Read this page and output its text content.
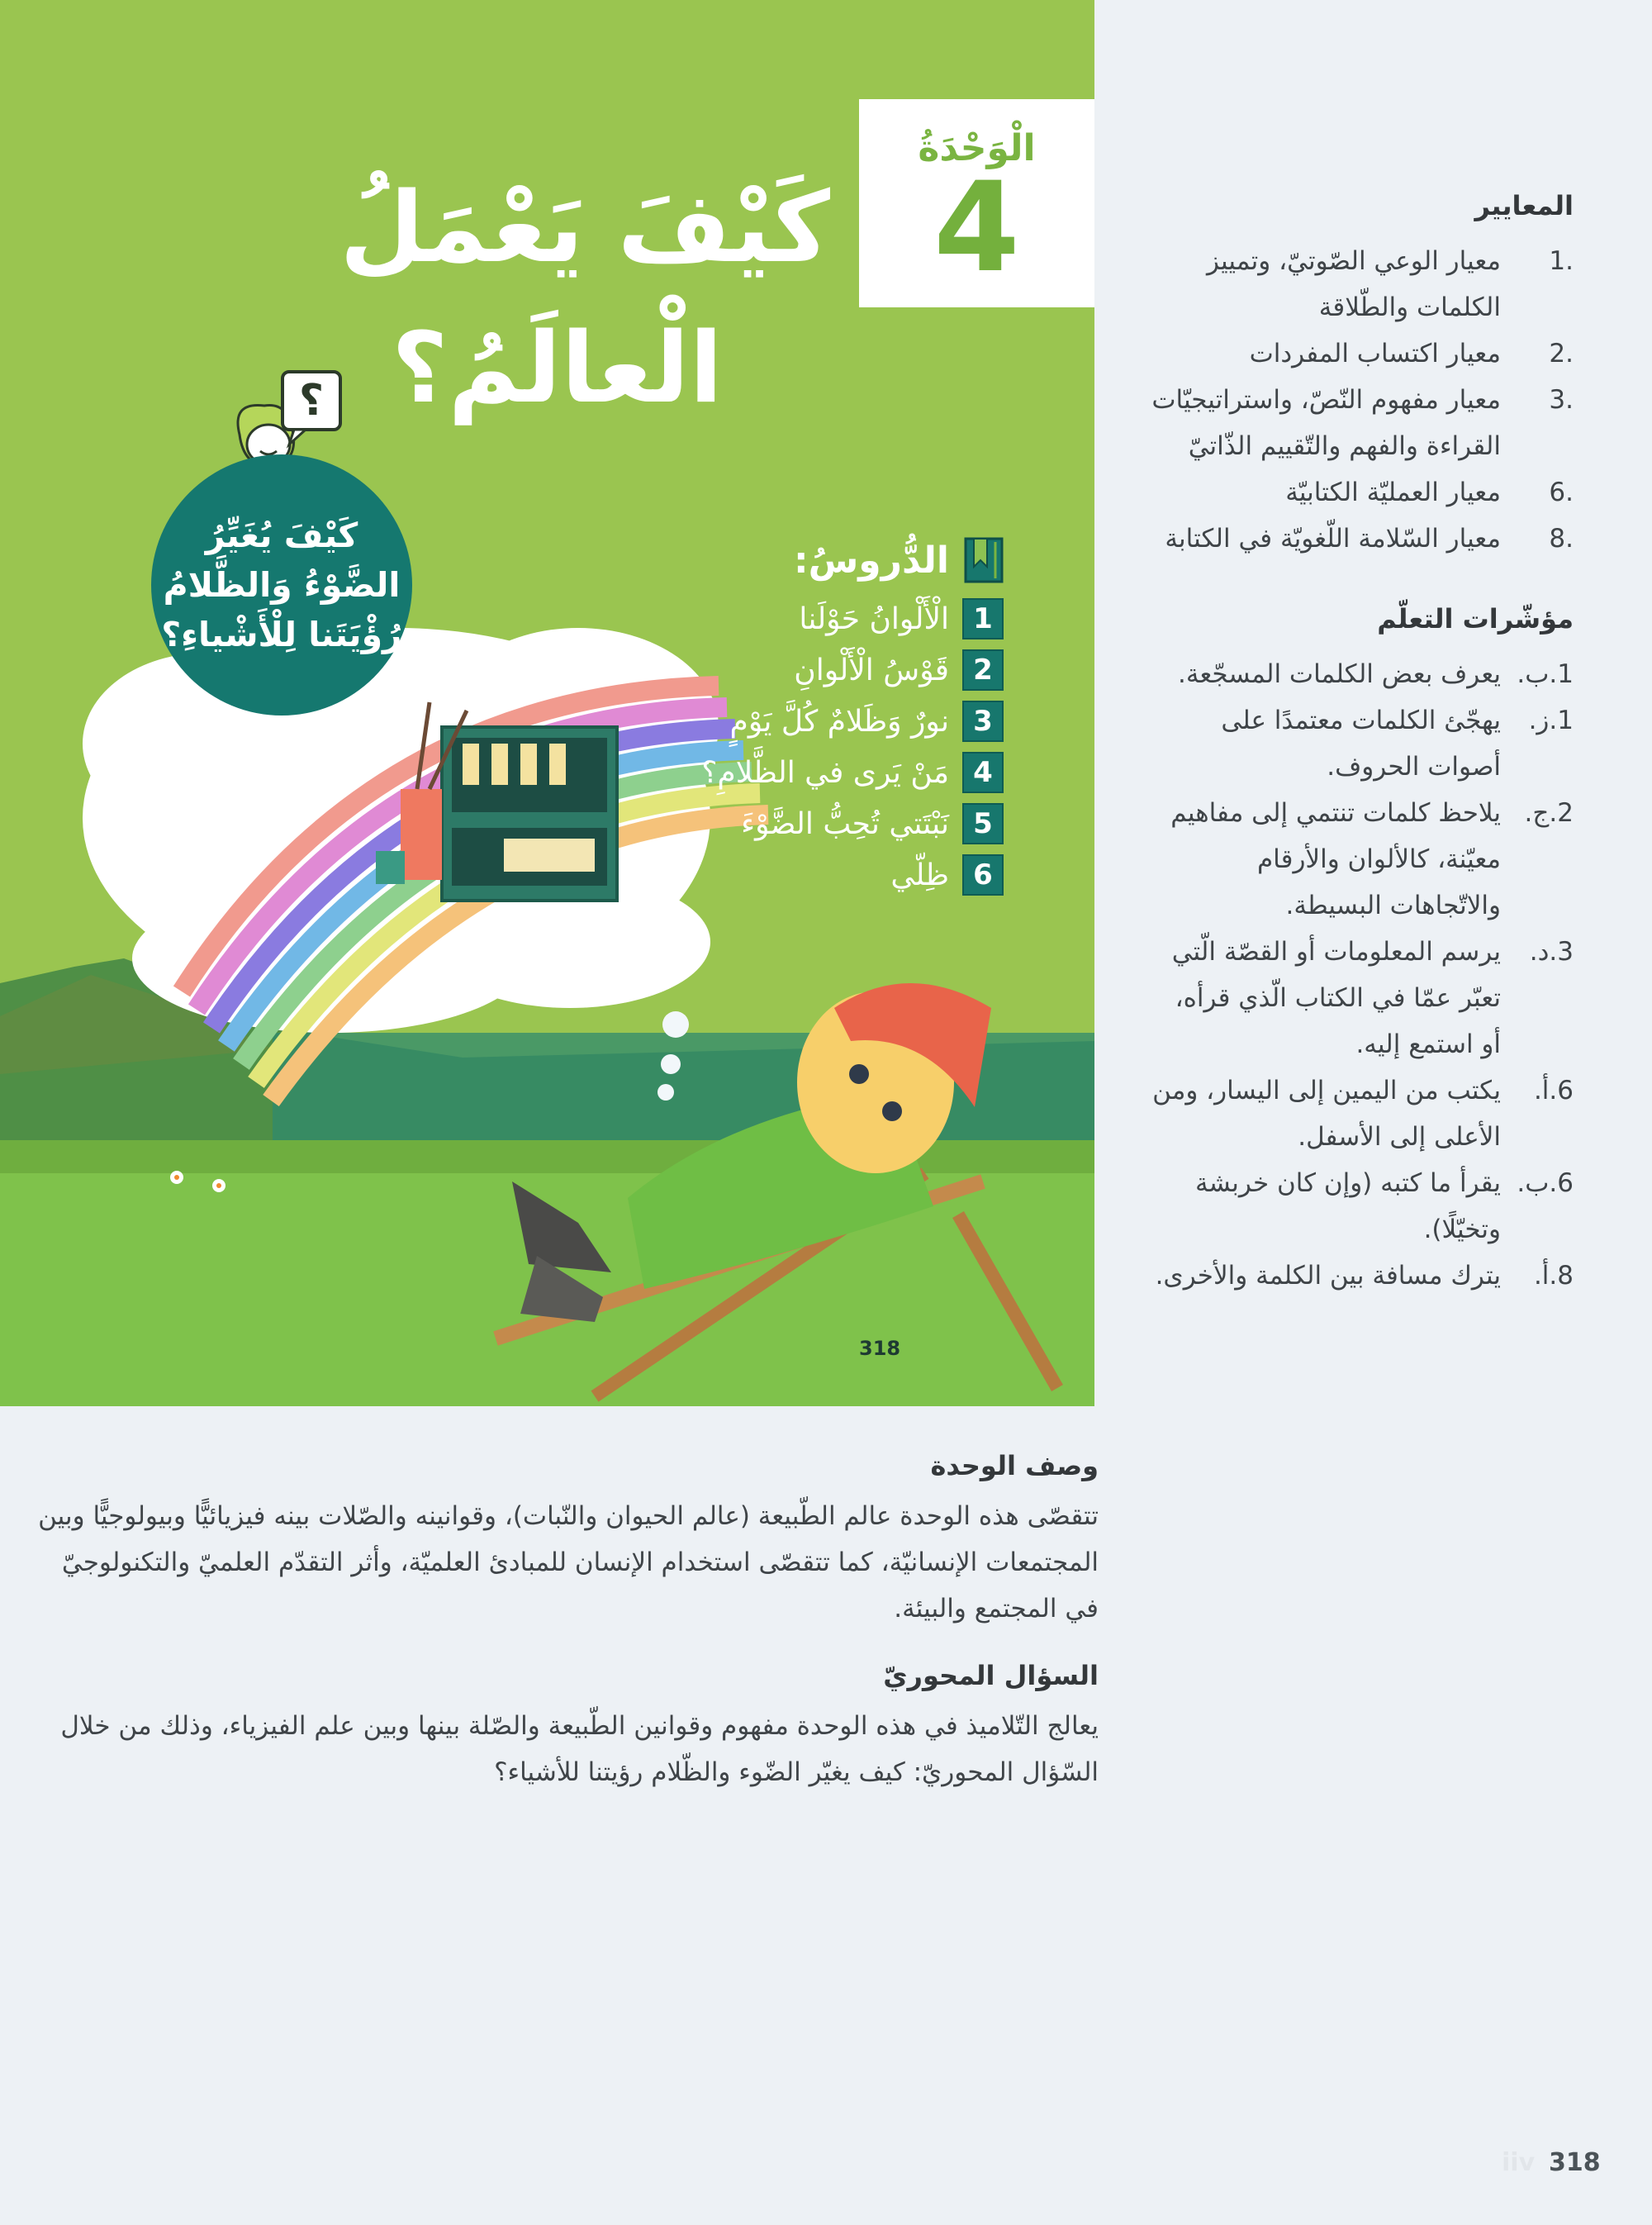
الْوَحْدَةُ
4
كَيْفَ يَعْمَلُ
الْعالَمُ؟
؟
كَيْفَ يُغَيِّرُ
الضَّوْءُ وَالظَّلامُ
رُؤْيَتَنا لِلْأَشْياءِ؟
الدُّروسُ:
1
الْأَلْوانُ حَوْلَنا
2
قَوْسُ الْأَلْوانِ
3
نورٌ وَظَلامٌ كُلَّ يَوْمٍ
4
مَنْ يَرى في الظَّلامِ؟
5
نَبْتَتي تُحِبُّ الضَّوْءَ
6
ظِلّي
318
المعايير
.1
معيار الوعي الصّوتيّ، وتمييز الكلمات والطّلاقة
.2
معيار اكتساب المفردات
.3
معيار مفهوم النّصّ، واستراتيجيّات القراءة والفهم والتّقييم الذّاتيّ
.6
معيار العمليّة الكتابيّة
.8
معيار السّلامة اللّغويّة في الكتابة
مؤشّرات التعلّم
1.ب.
يعرف بعض الكلمات المسجّعة.
1.ز.
يهجّئ الكلمات معتمدًا على أصوات الحروف.
2.ج.
يلاحظ كلمات تنتمي إلى مفاهيم معيّنة، كالألوان والأرقام والاتّجاهات البسيطة.
3.د.
يرسم المعلومات أو القصّة الّتي تعبّر عمّا في الكتاب الّذي قرأه، أو استمع إليه.
6.أ.
يكتب من اليمين إلى اليسار، ومن الأعلى إلى الأسفل.
6.ب.
يقرأ ما كتبه (وإن كان خربشة وتخيّلًا).
8.أ.
يترك مسافة بين الكلمة والأخرى.
وصف الوحدة

تتقصّى هذه الوحدة عالم الطّبيعة (عالم الحيوان والنّبات)، وقوانينه والصّلات بينه فيزيائيًّا وبيولوجيًّا وبين المجتمعات الإنسانيّة، كما تتقصّى استخدام الإنسان للمبادئ العلميّة، وأثر التقدّم العلميّ والتكنولوجيّ في المجتمع والبيئة.

السؤال المحوريّ

يعالج التّلاميذ في هذه الوحدة مفهوم وقوانين الطّبيعة والصّلة بينها وبين علم الفيزياء، وذلك من خلال السّؤال المحوريّ: كيف يغيّر الضّوء والظّلام رؤيتنا للأشياء؟

iiv 318
